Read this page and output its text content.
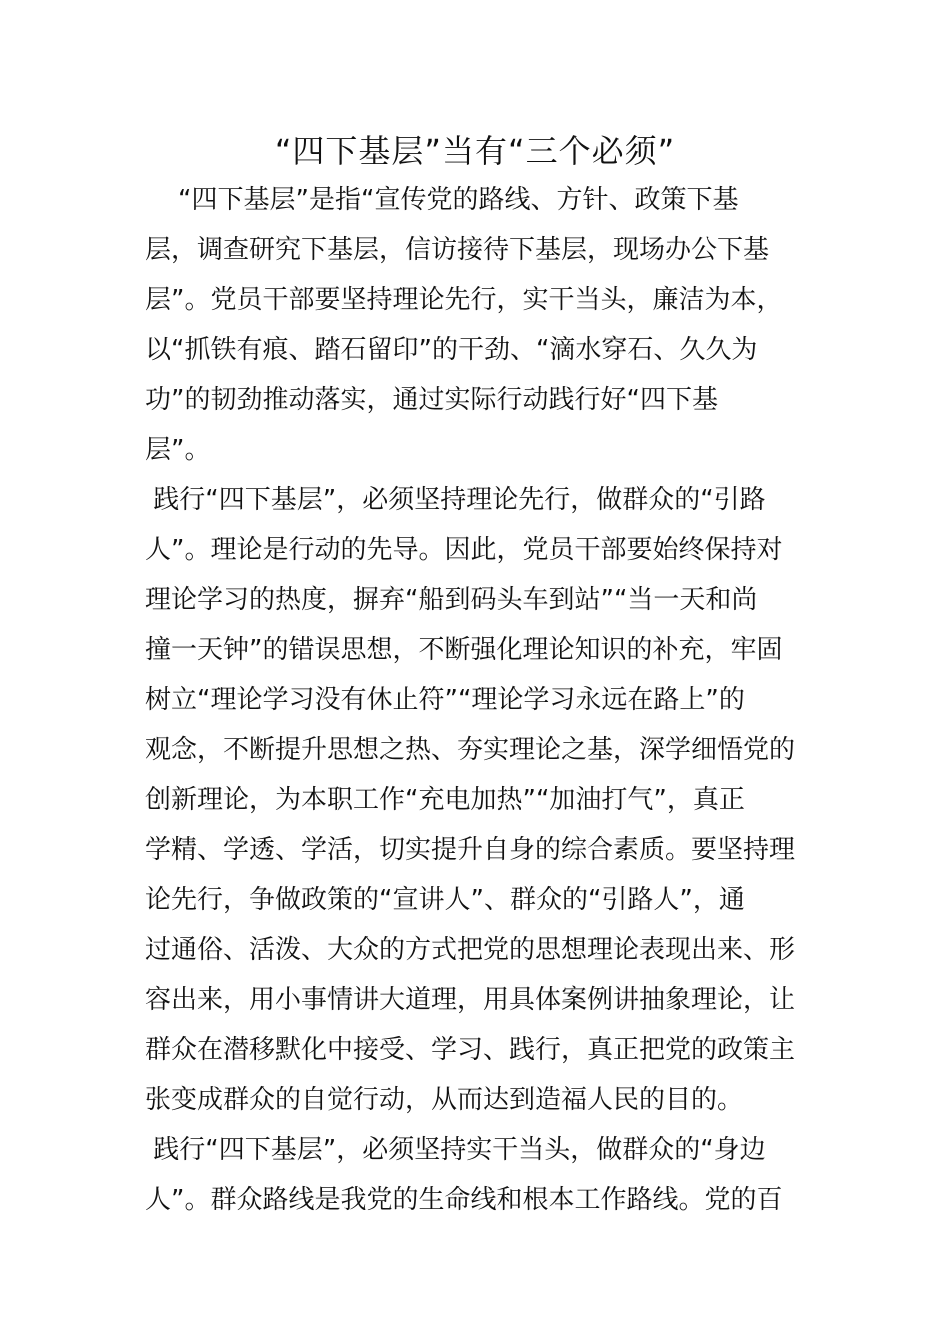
“四下基层”当有“三个必须”
“四下基层”是指“宣传党的路线、方针、政策下基
层，调查研究下基层，信访接待下基层，现场办公下基
层”。党员干部要坚持理论先行，实干当头，廉洁为本，
以“抓铁有痕、踏石留印”的干劲、“滴水穿石、久久为
功”的韧劲推动落实，通过实际行动践行好“四下基
层”。
践行“四下基层”，必须坚持理论先行，做群众的“引路
人”。理论是行动的先导。因此，党员干部要始终保持对
理论学习的热度，摒弃“船到码头车到站”“当一天和尚
撞一天钟”的错误思想，不断强化理论知识的补充，牢固
树立“理论学习没有休止符”“理论学习永远在路上”的
观念，不断提升思想之热、夯实理论之基，深学细悟党的
创新理论，为本职工作“充电加热”“加油打气”，真正
学精、学透、学活，切实提升自身的综合素质。要坚持理
论先行，争做政策的“宣讲人”、群众的“引路人”，通
过通俗、活泼、大众的方式把党的思想理论表现出来、形
容出来，用小事情讲大道理，用具体案例讲抽象理论，让
群众在潜移默化中接受、学习、践行，真正把党的政策主
张变成群众的自觉行动，从而达到造福人民的目的。
践行“四下基层”，必须坚持实干当头，做群众的“身边
人”。群众路线是我党的生命线和根本工作路线。党的百
